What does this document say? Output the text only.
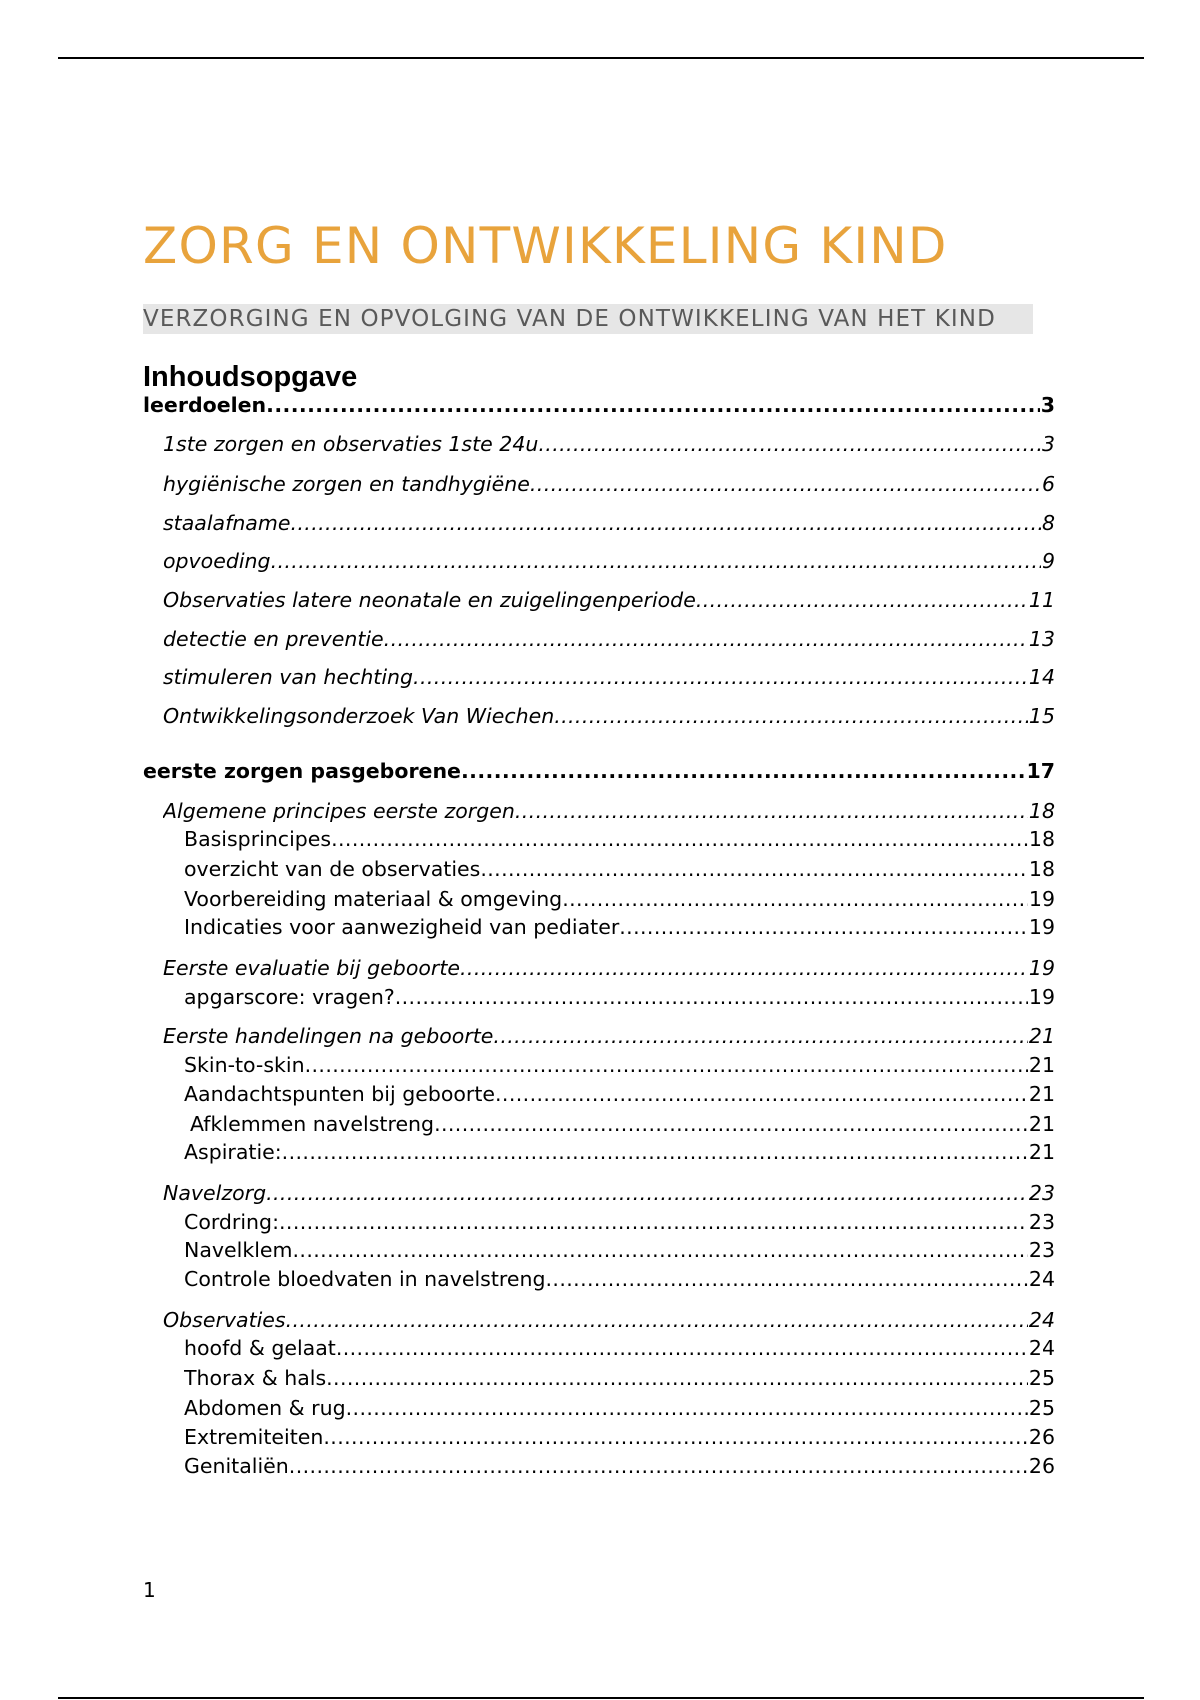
ZORG EN ONTWIKKELING KIND
VERZORGING EN OPVOLGING VAN DE ONTWIKKELING VAN HET KIND
Inhoudsopgave
leerdoelen .....	3
1ste zorgen en observaties 1ste 24u .....	3
hygiënische zorgen en tandhygiëne .....	6
staalafname .....	8
opvoeding .....	9
Observaties latere neonatale en zuigelingenperiode .....	11
detectie en preventie .....	13
stimuleren van hechting .....	14
Ontwikkelingsonderzoek Van Wiechen .....	15
eerste zorgen pasgeborene .....	17
Algemene principes eerste zorgen .....	18
Basisprincipes .....	18
overzicht van de observaties .....	18
Voorbereiding materiaal & omgeving .....	19
Indicaties voor aanwezigheid van pediater .....	19
Eerste evaluatie bij geboorte .....	19
apgarscore: vragen? .....	19
Eerste handelingen na geboorte .....	21
Skin-to-skin .....	21
Aandachtspunten bij geboorte .....	21
Afklemmen navelstreng .....	21
Aspiratie: .....	21
Navelzorg .....	23
Cordring: .....	23
Navelklem .....	23
Controle bloedvaten in navelstreng .....	24
Observaties .....	24
hoofd & gelaat .....	24
Thorax & hals .....	25
Abdomen & rug .....	25
Extremiteiten .....	26
Genitaliën .....	26
1
